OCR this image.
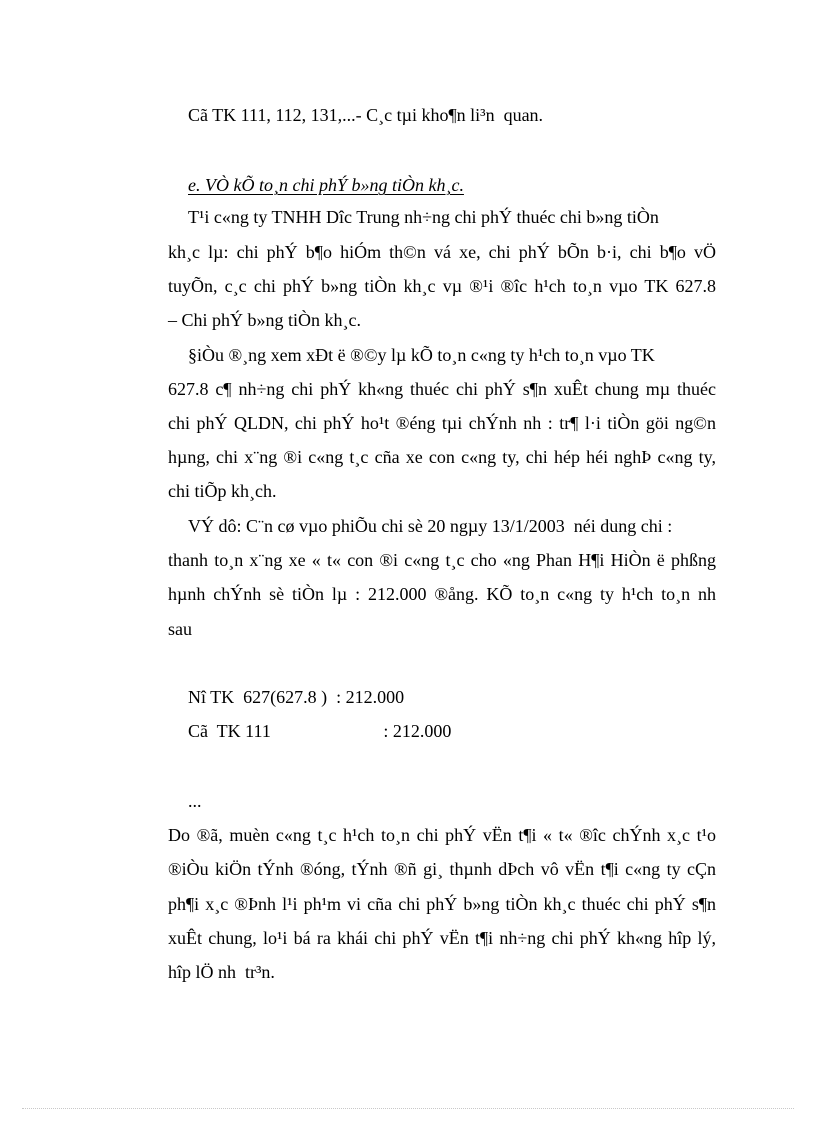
Cã TK 111, 112, 131,...- C¸c tµi kho¶n li³n  quan.
e. VÒ kÕ to¸n chi phÝ b»ng tiÒn kh¸c.
T¹i c«ng ty TNHH Dîc Trung nh÷ng chi phÝ thuéc chi b»ng tiÒn
kh¸c lµ: chi phÝ b¶o hiÓm th©n vá xe, chi phÝ bÕn b·i, chi b¶o vÖ
tuyÕn, c¸c chi phÝ b»ng tiÒn kh¸c vµ ®¹i ®îc h¹ch to¸n vµo TK 627.8
– Chi phÝ b»ng tiÒn kh¸c.
§iÒu ®¸ng xem xÐt ë ®©y lµ kÕ to¸n c«ng ty h¹ch to¸n vµo TK
627.8 c¶ nh÷ng chi phÝ kh«ng thuéc chi phÝ s¶n xuÊt chung mµ thuéc
chi phÝ QLDN, chi phÝ ho¹t ®éng tµi chÝnh nh : tr¶ l·i tiÒn göi ng©n
hµng, chi x¨ng ®i c«ng t¸c cña xe con c«ng ty, chi hép héi nghÞ c«ng ty,
chi tiÕp kh¸ch.
VÝ dô: C¨n cø vµo phiÕu chi sè 20 ngµy 13/1/2003  néi dung chi :
thanh to¸n x¨ng xe « t« con ®i c«ng t¸c cho «ng Phan H¶i HiÒn ë phßng
hµnh chÝnh sè tiÒn lµ : 212.000 ®ång. KÕ to¸n c«ng ty h¹ch to¸n nh
sau
Nî TK  627(627.8 )  : 212.000
Cã  TK 111                         : 212.000
...
Do ®ã, muèn c«ng t¸c h¹ch to¸n chi phÝ vËn t¶i « t« ®îc chÝnh x¸c t¹o
®iÒu kiÖn tÝnh ®óng, tÝnh ®ñ gi¸ thµnh dÞch vô vËn t¶i c«ng ty cÇn
ph¶i x¸c ®Þnh l¹i ph¹m vi cña chi phÝ b»ng tiÒn kh¸c thuéc chi phÝ s¶n
xuÊt chung, lo¹i bá ra khái chi phÝ vËn t¶i nh÷ng chi phÝ kh«ng hîp lý,
hîp lÖ nh  tr³n.
